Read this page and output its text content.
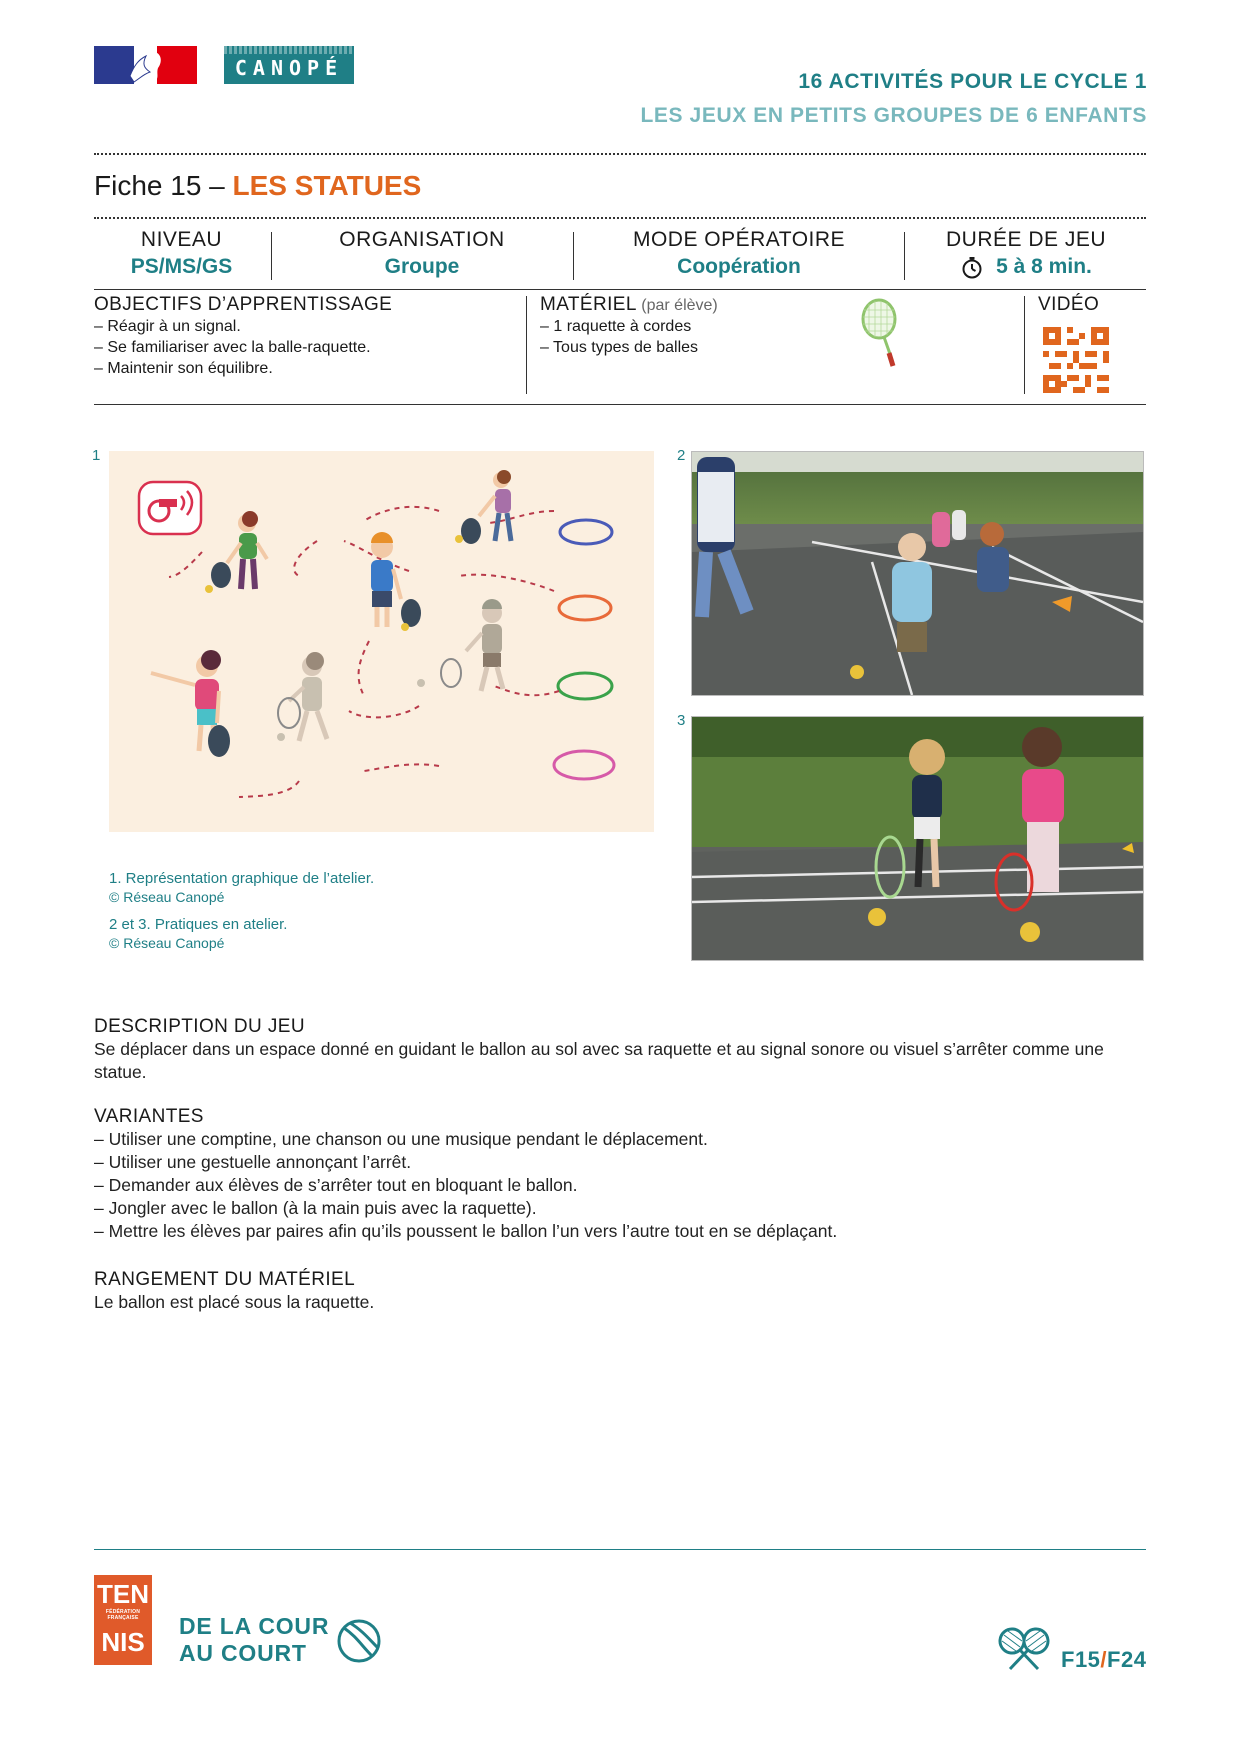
CANOPÉ
16 ACTIVITÉS POUR LE CYCLE 1
LES JEUX EN PETITS GROUPES DE 6 ENFANTS
Fiche 15 – LES STATUES
NIVEAU
PS/MS/GS
ORGANISATION
Groupe
MODE OPÉRATOIRE
Coopération
DURÉE DE JEU
5 à 8 min.
OBJECTIFS D’APPRENTISSAGE
– Réagir à un signal.
– Se familiariser avec la balle-raquette.
– Maintenir son équilibre.
MATÉRIEL (par élève)
– 1 raquette à cordes
– Tous types de balles
VIDÉO
1
1. Représentation graphique de l’atelier.
© Réseau Canopé
2 et 3. Pratiques en atelier.
© Réseau Canopé
2
3
DESCRIPTION DU JEU
Se déplacer dans un espace donné en guidant le ballon au sol avec sa raquette et au signal sonore ou visuel s’arrêter comme une statue.
VARIANTES
– Utiliser une comptine, une chanson ou une musique pendant le déplacement.
– Utiliser une gestuelle annonçant l’arrêt.
– Demander aux élèves de s’arrêter tout en bloquant le ballon.
– Jongler avec le ballon (à la main puis avec la raquette).
– Mettre les élèves par paires afin qu’ils poussent le ballon l’un vers l’autre tout en se déplaçant.
RANGEMENT DU MATÉRIEL
Le ballon est placé sous la raquette.
TEN
FÉDÉRATION FRANÇAISE
NIS
DE LA COUR
AU COURT	F15/F24
